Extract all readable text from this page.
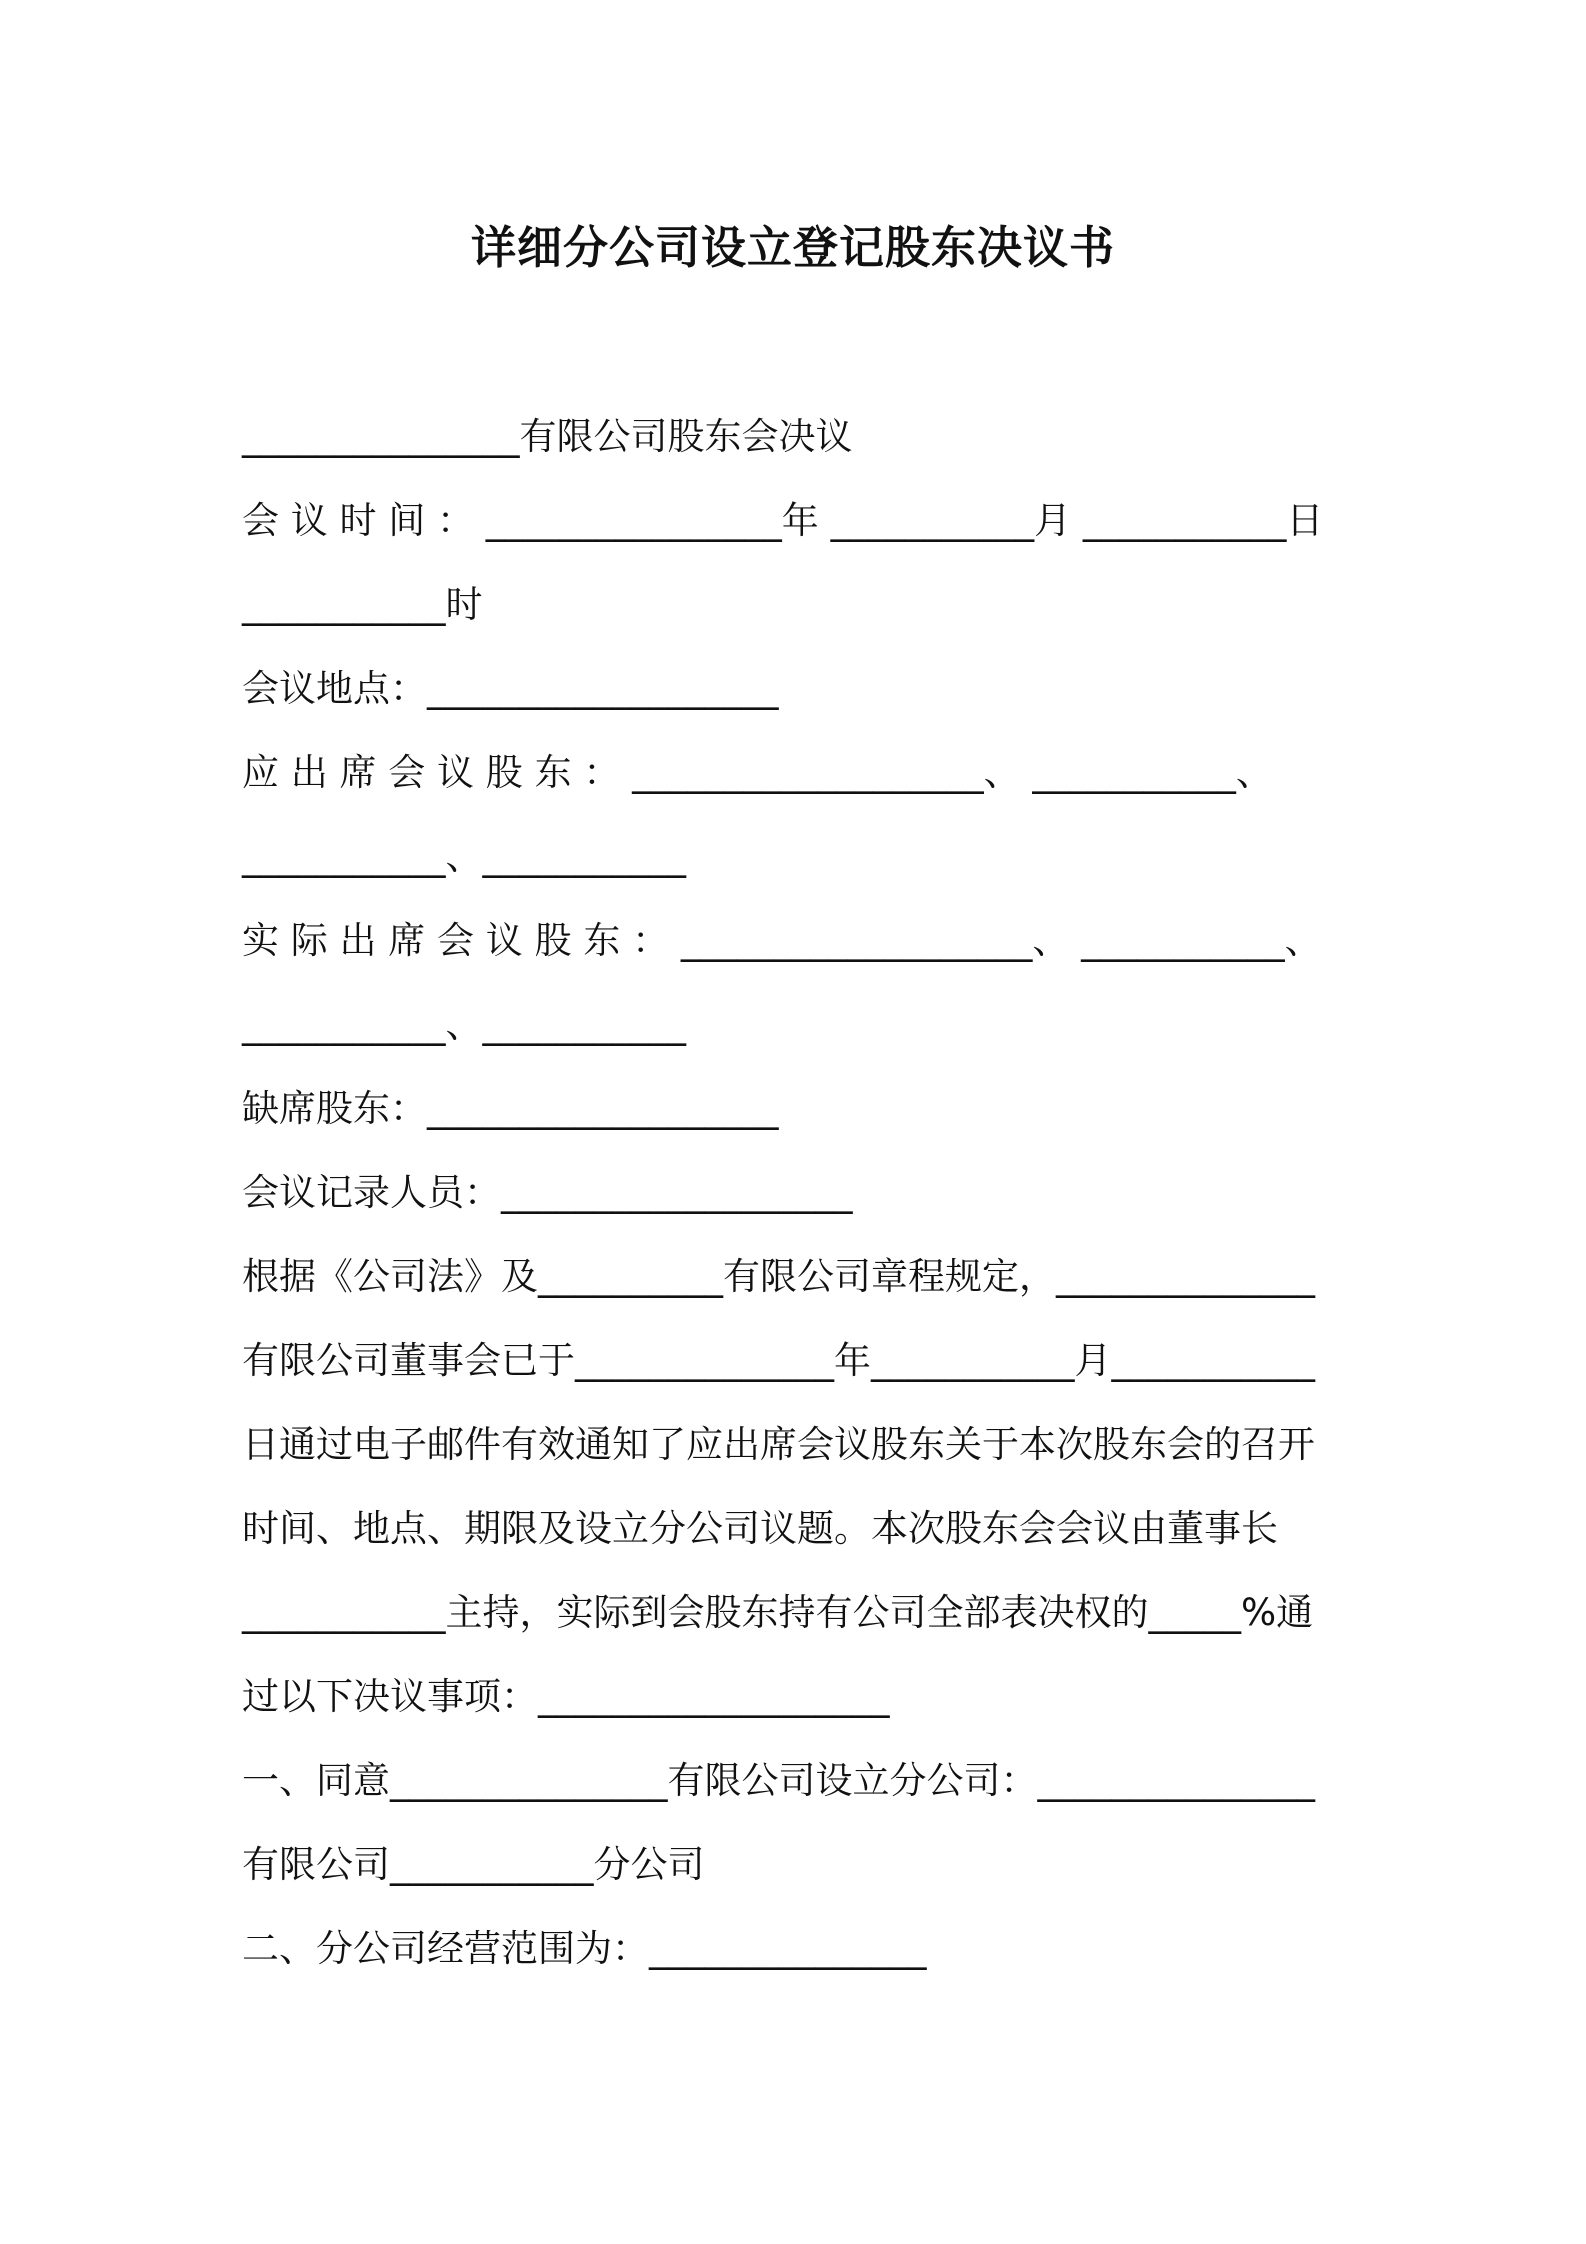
详细分公司设立登记股东决议书
_______________有限公司股东会决议
会 议 时 间 ： ________________年 ___________月 ___________日
___________时
会议地点：___________________
应 出 席 会 议 股 东 ： ___________________、 ___________、
___________、___________
实 际 出 席 会 议 股 东 ： ___________________、 ___________、
___________、___________
缺席股东：___________________
会议记录人员：___________________
根据《公司法》及__________有限公司章程规定，______________
有限公司董事会已于______________年___________月___________
日通过电子邮件有效通知了应出席会议股东关于本次股东会的召开
时间、地点、期限及设立分公司议题。本次股东会会议由董事长
___________主持，实际到会股东持有公司全部表决权的_____%通
过以下决议事项：___________________
一、同意_______________有限公司设立分公司：_______________
有限公司___________分公司
二、分公司经营范围为：_______________
